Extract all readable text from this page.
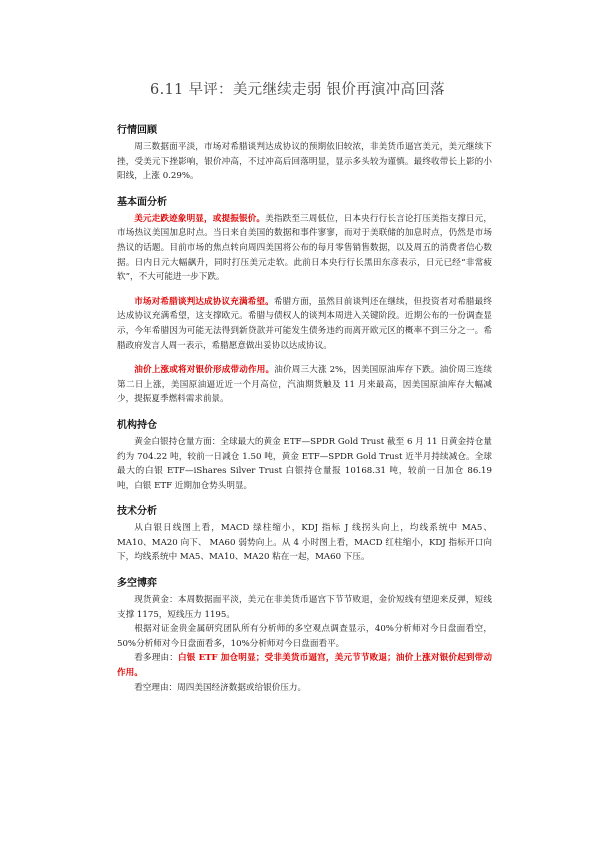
6.11 早评：美元继续走弱 银价再演冲高回落
行情回顾

周三数据面平淡，市场对希腊谈判达成协议的预期依旧较浓，非美货币逼宫美元，美元继续下挫，受美元下挫影响，银价冲高，不过冲高后回落明显，显示多头较为谨慎。最终收带长上影的小阳线，上涨 0.29%。

基本面分析

美元走跌迹象明显，或提振银价。美指跌至三周低位，日本央行行长言论打压美指支撑日元，市场热议美国加息时点。当日来自美国的数据和事件寥寥，而对于美联储的加息时点，仍然是市场热议的话题。目前市场的焦点转向周四美国将公布的每月零售销售数据，以及周五的消费者信心数据。日内日元大幅飙升，同时打压美元走软。此前日本央行行长黑田东彦表示，日元已经“非常疲软”，不大可能进一步下跌。

市场对希腊谈判达成协议充满希望。希腊方面，虽然目前谈判还在继续，但投资者对希腊最终达成协议充满希望，这支撑欧元。希腊与债权人的谈判本周进入关键阶段。近期公布的一份调查显示，今年希腊因为可能无法得到新贷款并可能发生债务违约而离开欧元区的概率不到三分之一。希腊政府发言人周一表示，希腊愿意做出妥协以达成协议。

油价上涨或将对银价形成带动作用。油价周三大涨 2%，因美国原油库存下跌。油价周三连续第二日上涨，美国原油逼近近一个月高位，汽油期货触及 11 月来最高，因美国原油库存大幅减少，提振夏季燃料需求前景。

机构持仓

黄金白银持仓量方面：全球最大的黄金 ETF—SPDR Gold Trust 截至 6 月 11 日黄金持仓量约为 704.22 吨，较前一日减仓 1.50 吨，黄金 ETF—SPDR Gold Trust 近半月持续减仓。全球最大的白银 ETF—iShares Silver Trust 白银持仓量报 10168.31 吨，较前一日加仓 86.19 吨，白银 ETF 近期加仓势头明显。

技术分析

从白银日线图上看，MACD 绿柱缩小，KDJ 指标 J 线拐头向上，均线系统中 MA5、MA10、MA20 向下、 MA60 弱势向上。从 4 小时图上看，MACD 红柱缩小，KDJ 指标开口向下，均线系统中 MA5、MA10、MA20 粘在一起，MA60 下压。

多空博弈

现货黄金：本周数据面平淡，美元在非美货币逼宫下节节败退，金价短线有望迎来反弹，短线支撑 1175，短线压力 1195。

根据对证金贵金属研究团队所有分析师的多空观点调查显示，40%分析师对今日盘面看空，50%分析师对今日盘面看多，10%分析师对今日盘面看平。

看多理由：白银 ETF 加仓明显；受非美货币逼宫，美元节节败退；油价上涨对银价起到带动作用。

看空理由：周四美国经济数据或给银价压力。
